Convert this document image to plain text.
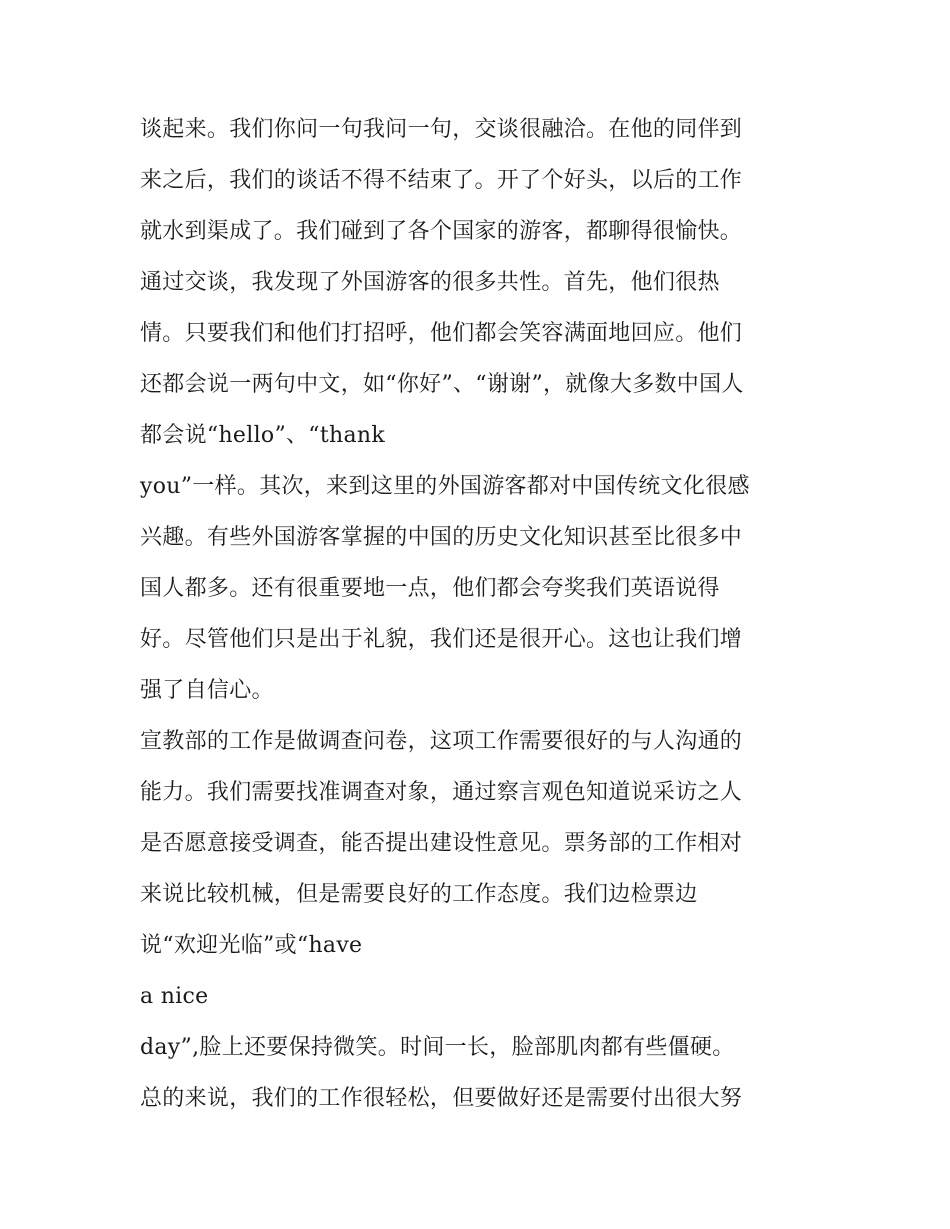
谈起来。我们你问一句我问一句，交谈很融洽。在他的同伴到
来之后，我们的谈话不得不结束了。开了个好头，以后的工作
就水到渠成了。我们碰到了各个国家的游客，都聊得很愉快。
通过交谈，我发现了外国游客的很多共性。首先，他们很热
情。只要我们和他们打招呼，他们都会笑容满面地回应。他们
还都会说一两句中文，如“你好”、“谢谢”，就像大多数中国人
都会说“hello”、“thank
you”一样。其次，来到这里的外国游客都对中国传统文化很感
兴趣。有些外国游客掌握的中国的历史文化知识甚至比很多中
国人都多。还有很重要地一点，他们都会夸奖我们英语说得
好。尽管他们只是出于礼貌，我们还是很开心。这也让我们增
强了自信心。
宣教部的工作是做调查问卷，这项工作需要很好的与人沟通的
能力。我们需要找准调查对象，通过察言观色知道说采访之人
是否愿意接受调查，能否提出建设性意见。票务部的工作相对
来说比较机械，但是需要良好的工作态度。我们边检票边
说“欢迎光临”或“have
a nice
day”,脸上还要保持微笑。时间一长，脸部肌肉都有些僵硬。
总的来说，我们的工作很轻松，但要做好还是需要付出很大努
